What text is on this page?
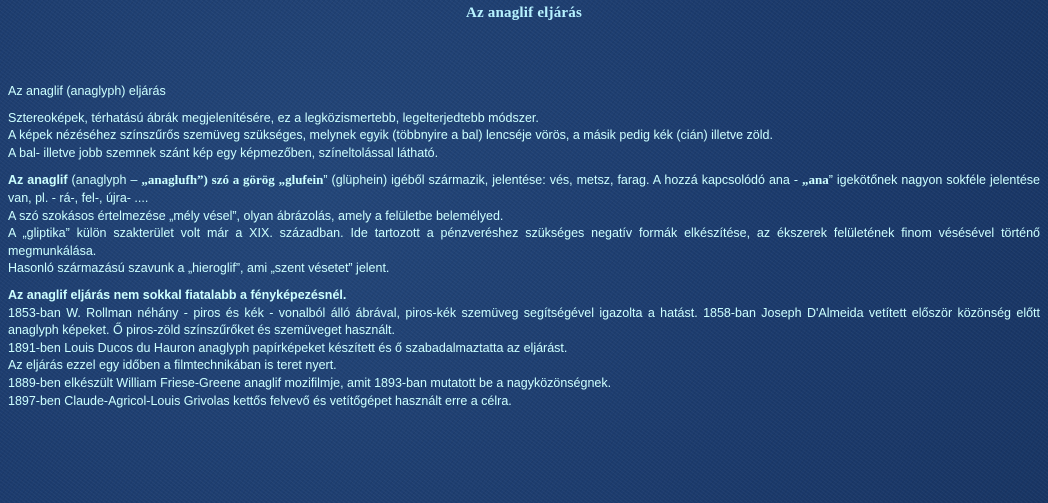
Az anaglif eljárás

Az anaglif (anaglyph) eljárás

Sztereoképek, térhatású ábrák megjelenítésére, ez a legközismertebb, legelterjedtebb módszer.
A képek nézéséhez színszűrős szemüveg szükséges, melynek egyik (többnyire a bal) lencséje vörös, a másik pedig kék (cián) illetve zöld.
A bal- illetve jobb szemnek szánt kép egy képmezőben, színeltolással látható.

Az anaglif (anaglyph – „anaglufh”) szó a görög „glufein” (glüphein) igéből származik, jelentése: vés, metsz, farag. A hozzá kapcsolódó ana - „ana” igekötőnek nagyon sokféle jelentése van, pl. - rá-, fel-, újra- ....
A szó szokásos értelmezése „mély vésel”, olyan ábrázolás, amely a felületbe belemélyed.
A „gliptika” külön szakterület volt már a XIX. században. Ide tartozott a pénzveréshez szükséges negatív formák elkészítése, az ékszerek felületének finom vésésével történő megmunkálása.
Hasonló származású szavunk a „hieroglif”, ami „szent vésetet” jelent.

Az anaglif eljárás nem sokkal fiatalabb a fényképezésnél.
1853-ban W. Rollman néhány - piros és kék - vonalból álló ábrával, piros-kék szemüveg segítségével igazolta a hatást. 1858-ban Joseph D'Almeida vetített először közönség előtt anaglyph képeket. Ő piros-zöld színszűrőket és szemüveget használt.
1891-ben Louis Ducos du Hauron anaglyph papírképeket készített és ő szabadalmaztatta az eljárást.
Az eljárás ezzel egy időben a filmtechnikában is teret nyert.
1889-ben elkészült William Friese-Greene anaglif mozifilmje, amit 1893-ban mutatott be a nagyközönségnek.
1897-ben Claude-Agricol-Louis Grivolas kettős felvevő és vetítőgépet használt erre a célra.
